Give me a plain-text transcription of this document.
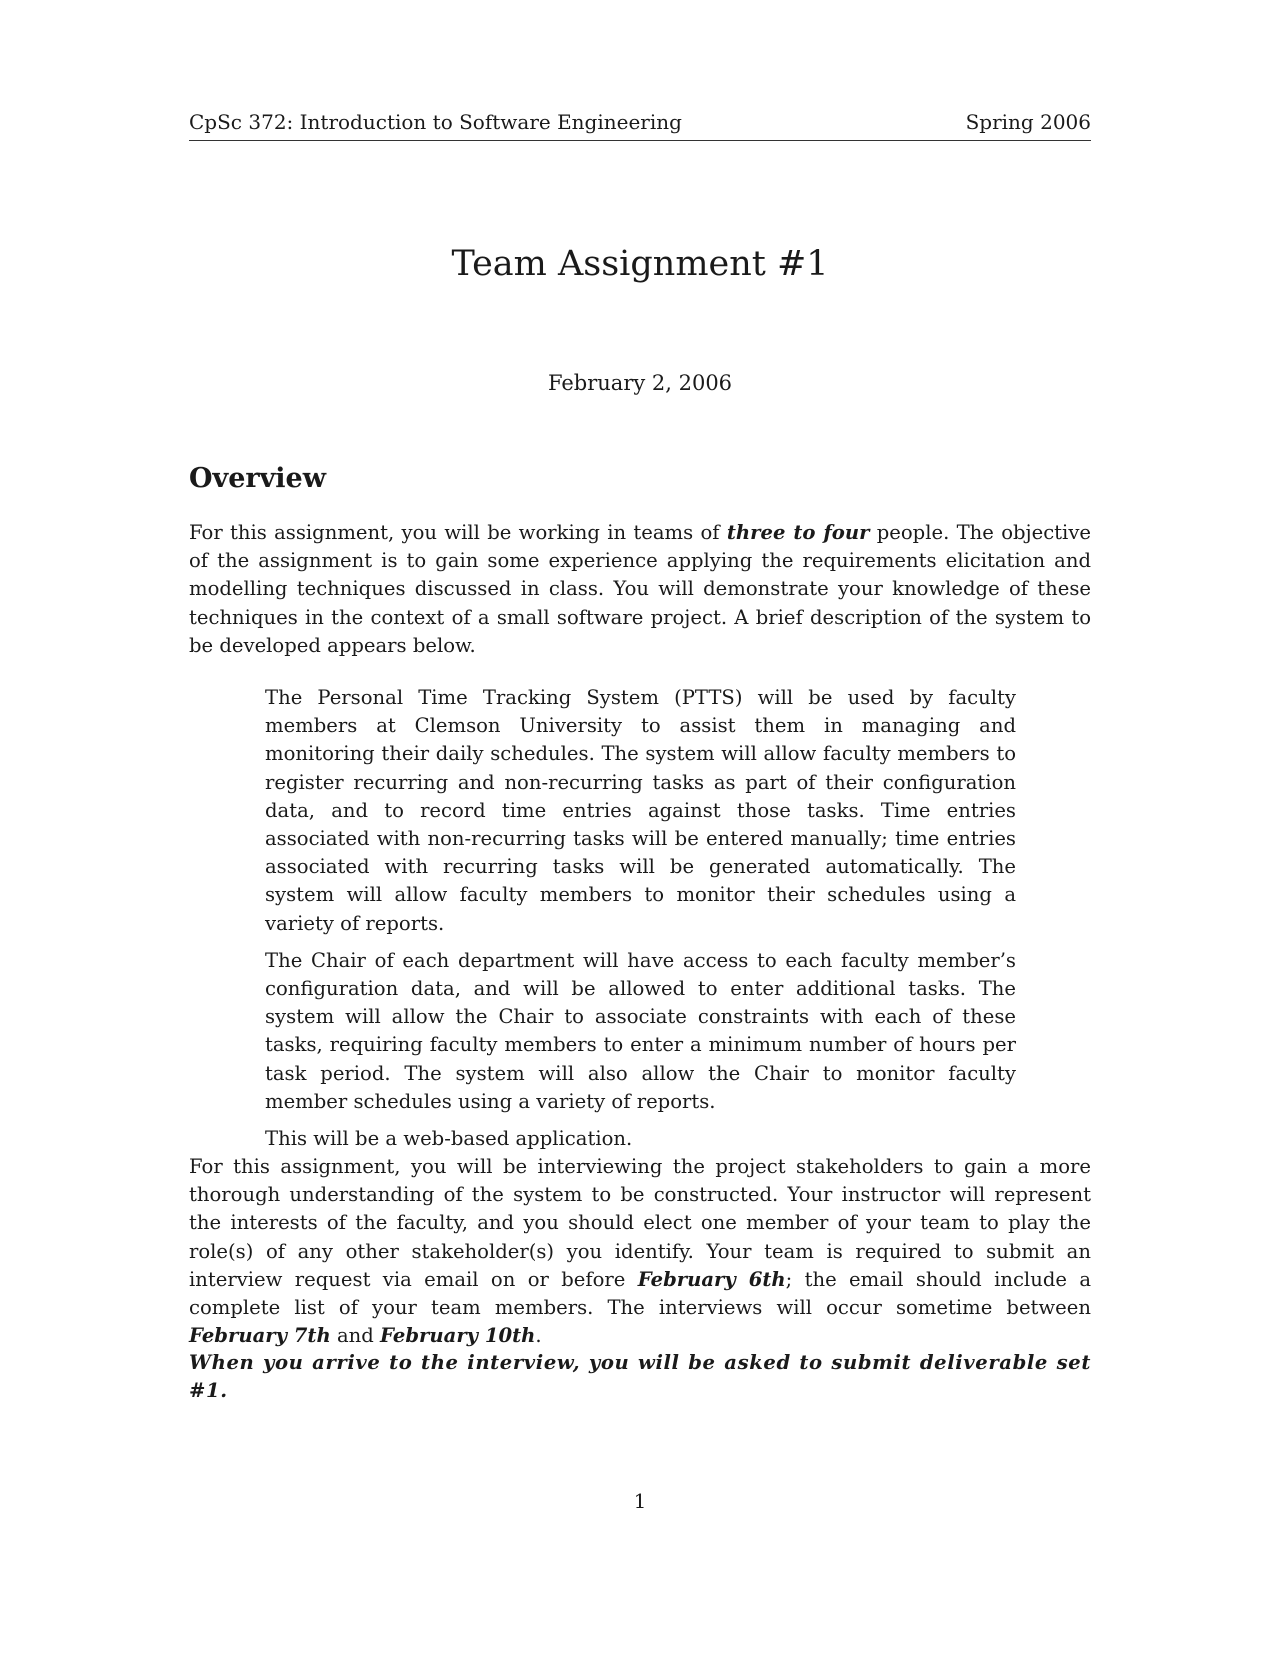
CpSc 372: Introduction to Software Engineering	Spring 2006
Team Assignment #1
February 2, 2006
Overview

For this assignment, you will be working in teams of three to four people. The objective of the assignment is to gain some experience applying the requirements elicitation and modelling techniques discussed in class. You will demonstrate your knowledge of these techniques in the context of a small software project. A brief description of the system to be developed appears below.

The Personal Time Tracking System (PTTS) will be used by faculty members at Clemson University to assist them in managing and monitoring their daily schedules. The system will allow faculty members to register recurring and non-recurring tasks as part of their configuration data, and to record time entries against those tasks. Time entries associated with non-recurring tasks will be entered manually; time entries associated with recurring tasks will be generated automatically. The system will allow faculty members to monitor their schedules using a variety of reports.

The Chair of each department will have access to each faculty member’s configuration data, and will be allowed to enter additional tasks. The system will allow the Chair to associate constraints with each of these tasks, requiring faculty members to enter a minimum number of hours per task period. The system will also allow the Chair to monitor faculty member schedules using a variety of reports.

This will be a web-based application.

For this assignment, you will be interviewing the project stakeholders to gain a more thorough understanding of the system to be constructed. Your instructor will represent the interests of the faculty, and you should elect one member of your team to play the role(s) of any other stakeholder(s) you identify. Your team is required to submit an interview request via email on or before February 6th; the email should include a complete list of your team members. The interviews will occur sometime between February 7th and February 10th.

When you arrive to the interview, you will be asked to submit deliverable set #1.

1
